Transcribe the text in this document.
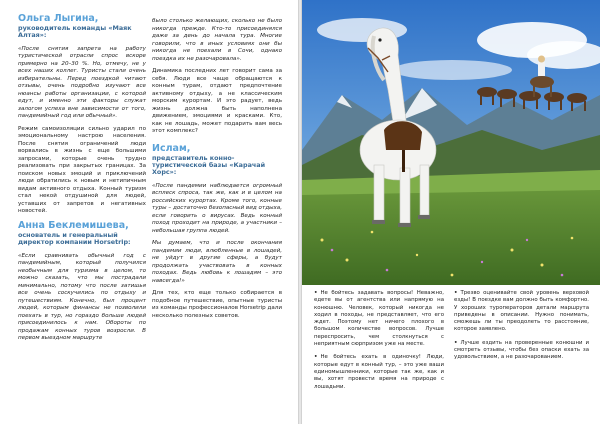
Ольга Лыгина,
руководитель команды «Маяк Алтая»:

«После снятия запрета на работу туристической отрасли спрос вскоре примерно на 20–30 %. Но, отмечу, не у всех наших коллег. Туристы стали очень избирательны. Перед поездкой читают отзывы, очень подробно изучают все нюансы работы организации, с которой едут, и именно эти факторы служат залогом успеха вне зависимости от того, пандемийный год или обычный».

Режим самоизоляции сильно ударил по эмоциональному настрою населения. После снятия ограничений люди ворвались в жизнь с еще большими запросами, которые очень трудно реализовать при закрытых границах. За поиском новых эмоций и приключений люди обратились к новым и нетипичным видам активного отдыха. Конный туризм стал некой отдушиной для людей, уставших от запретов и негативных новостей.

Анна Беклемишева,
основатель и генеральный директор компании Horsetrip:

«Если сравнивать обычный год с пандемийным, который получился необычным для туризма в целом, то можно сказать, что мы пострадали минимально, потому что после затишья все очень соскучились по отдыху и путешествиям. Конечно, был процент людей, которым финансы не позволили поехать в тур, но гораздо больше людей присоединилось к нам. Обороты по продажам конных туров возросли. В первом выездном маршруте

было столько желающих, сколько не было никогда прежде. Кто-то присоединялся даже за день до начала тура. Многие говорили, что в иных условиях они бы никогда не поехали в Сочи, однако поездка их не разочаровала».

Динамика последних лет говорит сама за себя. Люди все чаще обращаются к конным турам, отдают предпочтение активному отдыху, а не классическим морским курортам. И это радует, ведь жизнь должна быть наполнена движением, эмоциями и красками. Кто, как не лошадь, может подарить вам весь этот комплекс?

Ислам,
представитель конно-туристической базы «Карачай Хорс»:

«После пандемии наблюдается огромный всплеск спроса, так же, как и в целом на российских курортах. Кроме того, конные туры – достаточно безопасный вид отдыха, если говорить о вирусах. Ведь конный поход проходит на природе, а участники – небольшая группа людей.

Мы думаем, что и после окончания пандемии люди, влюбленные в лошадей, не уйдут в другие сферы, а будут продолжать участвовать в конных походах. Ведь любовь к лошадям – это навсегда!»

Для тех, кто еще только собирается в подобное путешествие, опытные туристы из команды профессионалов Horsetrip дали несколько полезных советов.

• Не бойтесь задавать вопросы! Неважно, едете вы от агентства или напрямую на конюшню. Человек, который никогда не ходил в походы, не представляет, что его ждет. Поэтому нет ничего плохого в большом количестве вопросов. Лучше переспросить, чем столкнуться с неприятным сюрпризом уже на месте.
• Не бойтесь ехать в одиночку! Люди, которые едут в конный тур, – это уже ваши единомышленники, которые так же, как и вы, хотят провести время на природе с лошадьми.
• Трезво оценивайте свой уровень верховой езды! В поездке вам должно быть комфортно. У хороших туроператоров детали маршрута приведены в описании. Нужно понимать, сможешь ли ты преодолеть то расстояние, которое заявлено.
• Лучше ездить на проверенные конюшни и смотреть отзывы, чтобы без опаски ехать за удовольствием, а не разочарованием.
